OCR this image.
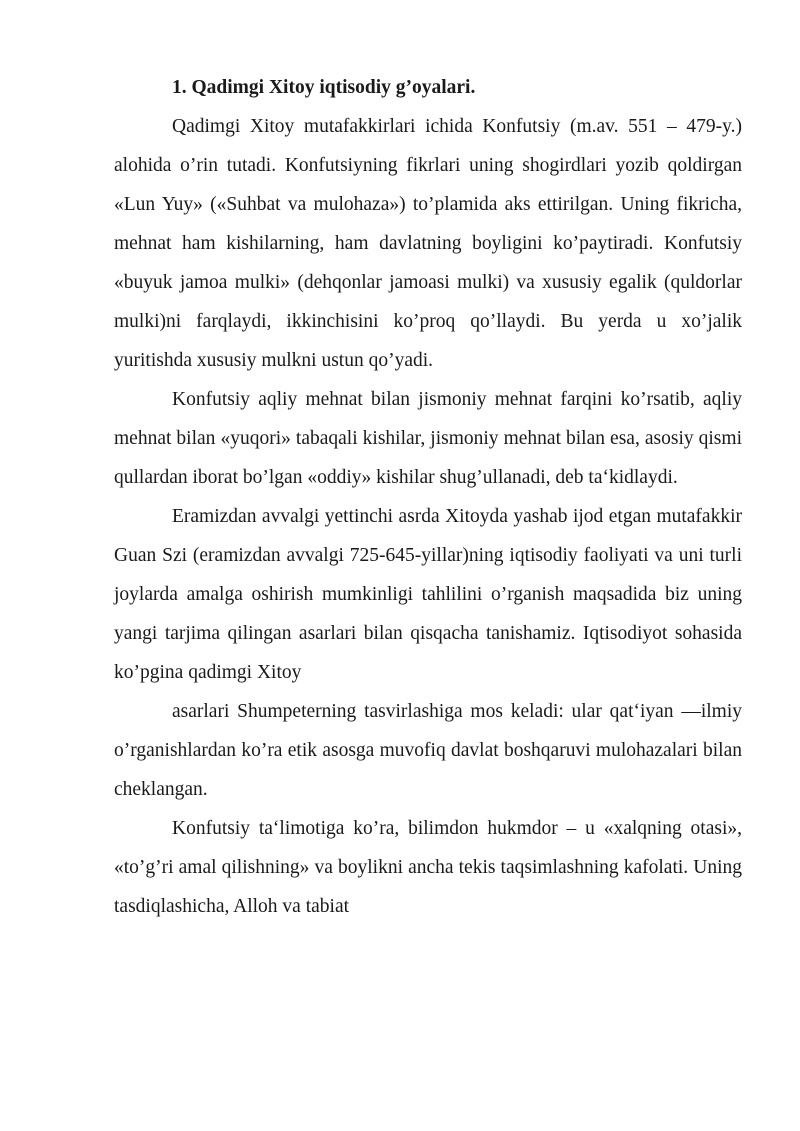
1. Qadimgi Xitoy iqtisodiy g’oyalari.

Qadimgi Xitoy mutafakkirlari ichida Konfutsiy (m.av. 551 – 479-y.) alohida o’rin tutadi. Konfutsiyning fikrlari uning shogirdlari yozib qoldirgan «Lun Yuy» («Suhbat va mulohaza») to’plamida aks ettirilgan. Uning fikricha, mehnat ham kishilarning, ham davlatning boyligini ko’paytiradi. Konfutsiy «buyuk jamoa mulki» (dehqonlar jamoasi mulki) va xususiy egalik (quldorlar mulki)ni farqlaydi, ikkinchisini ko’proq qo’llaydi. Bu yerda u xo’jalik yuritishda xususiy mulkni ustun qo’yadi.

Konfutsiy aqliy mehnat bilan jismoniy mehnat farqini ko’rsatib, aqliy mehnat bilan «yuqori» tabaqali kishilar, jismoniy mehnat bilan esa, asosiy qismi qullardan iborat bo’lgan «oddiy» kishilar shug’ullanadi, deb ta‘kidlaydi.

Eramizdan avvalgi yettinchi asrda Xitoyda yashab ijod etgan mutafakkir Guan Szi (eramizdan avvalgi 725-645-yillar)ning iqtisodiy faoliyati va uni turli joylarda amalga oshirish mumkinligi tahlilini o’rganish maqsadida biz uning yangi tarjima qilingan asarlari bilan qisqacha tanishamiz. Iqtisodiyot sohasida ko’pgina qadimgi Xitoy

asarlari Shumpeterning tasvirlashiga mos keladi: ular qat‘iyan —ilmiy o’rganishlardan ko’ra etik asosga muvofiq davlat boshqaruvi mulohazalari bilan cheklangan.

Konfutsiy ta‘limotiga ko’ra, bilimdon hukmdor – u «xalqning otasi», «to’g’ri amal qilishning» va boylikni ancha tekis taqsimlashning kafolati. Uning tasdiqlashicha, Alloh va tabiat
